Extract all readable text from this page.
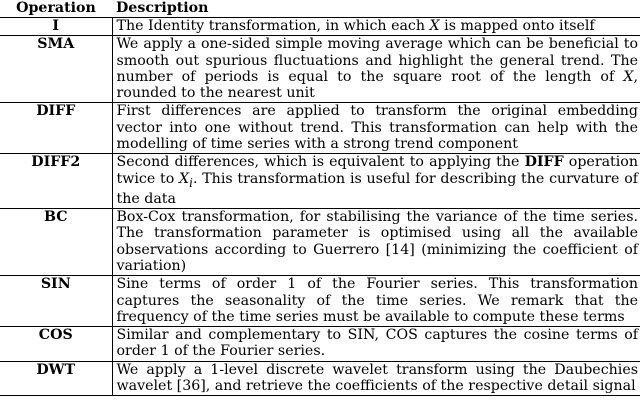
Operation	Description
I	The Identity transformation, in which each X is mapped onto itself
SMA	We apply a one-sided simple moving average which can be beneficial to smooth out spurious fluctuations and highlight the general trend. The number of periods is equal to the square root of the length of X, rounded to the nearest unit
DIFF	First differences are applied to transform the original embedding vector into one without trend. This transformation can help with the modelling of time series with a strong trend component
DIFF2	Second differences, which is equivalent to applying the DIFF operation twice to $X_i$. This transformation is useful for describing the curvature of the data
BC	Box-Cox transformation, for stabilising the variance of the time series. The transformation parameter is optimised using all the available observations according to Guerrero [14] (minimizing the coefficient of variation)
SIN	Sine terms of order 1 of the Fourier series. This transformation captures the seasonality of the time series. We remark that the frequency of the time series must be available to compute these terms
COS	Similar and complementary to SIN, COS captures the cosine terms of order 1 of the Fourier series.
DWT	We apply a 1-level discrete wavelet transform using the Daubechies wavelet [36], and retrieve the coefficients of the respective detail signal
